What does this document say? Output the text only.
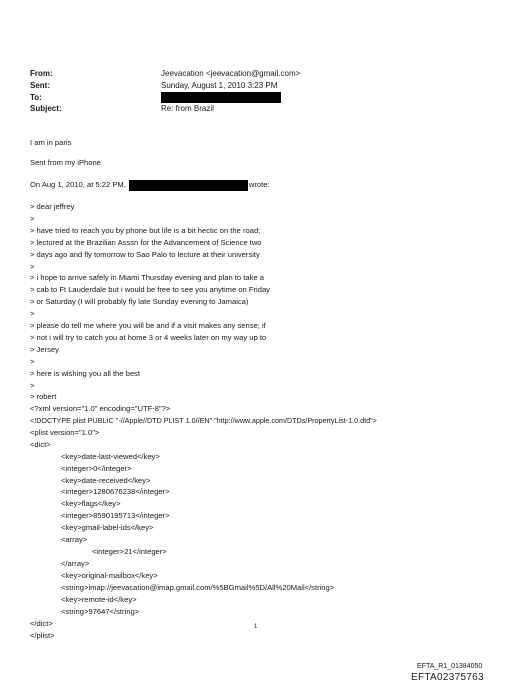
From:	Jeevacation <jeevacation@gmail.com>
Sent:	Sunday, August 1, 2010 3:23 PM
To:
Subject:	Re: from Brazil
I am in paris
Sent from my iPhone
On Aug 1, 2010, at 5:22 PM,	wrote:
> dear jeffrey
>
> have tried to reach you by phone but life is a bit hectic on the road;
> lectured at the Brazilian Asssn for the Advancement of Science two
> days ago and fly tomorrow to Sao Palo to lecture at their university
>
> i hope to arrive safely in Miami Thursday evening and plan to take a
> cab to Ft Lauderdale but i would be free to see you anytime on Friday
> or Saturday (I will probably fly late Sunday evening to Jamaica)
>
> please do tell me where you will be and if a visit makes any sense; if
> not i will try to catch you at home 3 or 4 weeks later on my way up to
> Jersey
>
> here is wishing you all the best
>
> robert
<?xml version="1.0" encoding="UTF-8"?>
<!DOCTYPE plist PUBLIC "-//Apple//DTD PLIST 1.0//EN" "http://www.apple.com/DTDs/PropertyList-1.0.dtd">
<plist version="1.0">
<dict>
<key>date-last-viewed</key>
<integer>0</integer>
<key>date-received</key>
<integer>1280676238</integer>
<key>flags</key>
<integer>8590195713</integer>
<key>gmail-label-ids</key>
<array>
<integer>21</integer>
</array>
<key>original-mailbox</key>
<string>imap://jeevacation@imap.gmail.com/%5BGmail%5D/All%20Mail</string>
<key>remote-id</key>
<string>97647</string>
</dict>
</plist>
1
EFTA_R1_01384050
EFTA02375763
